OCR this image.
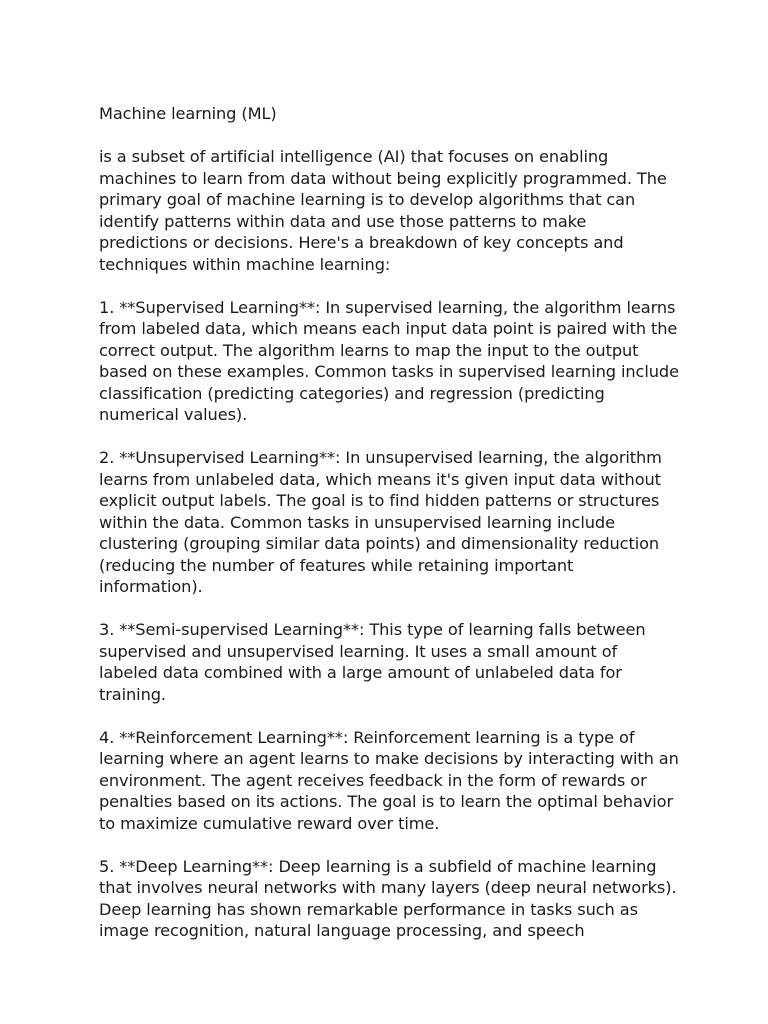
Machine learning (ML)
is a subset of artificial intelligence (AI) that focuses on enabling machines to learn from data without being explicitly programmed. The primary goal of machine learning is to develop algorithms that can identify patterns within data and use those patterns to make predictions or decisions. Here's a breakdown of key concepts and techniques within machine learning:
1. **Supervised Learning**: In supervised learning, the algorithm learns from labeled data, which means each input data point is paired with the correct output. The algorithm learns to map the input to the output based on these examples. Common tasks in supervised learning include classification (predicting categories) and regression (predicting numerical values).
2. **Unsupervised Learning**: In unsupervised learning, the algorithm learns from unlabeled data, which means it's given input data without explicit output labels. The goal is to find hidden patterns or structures within the data. Common tasks in unsupervised learning include clustering (grouping similar data points) and dimensionality reduction (reducing the number of features while retaining important information).
3. **Semi-supervised Learning**: This type of learning falls between supervised and unsupervised learning. It uses a small amount of labeled data combined with a large amount of unlabeled data for training.
4. **Reinforcement Learning**: Reinforcement learning is a type of learning where an agent learns to make decisions by interacting with an environment. The agent receives feedback in the form of rewards or penalties based on its actions. The goal is to learn the optimal behavior to maximize cumulative reward over time.
5. **Deep Learning**: Deep learning is a subfield of machine learning that involves neural networks with many layers (deep neural networks). Deep learning has shown remarkable performance in tasks such as image recognition, natural language processing, and speech
